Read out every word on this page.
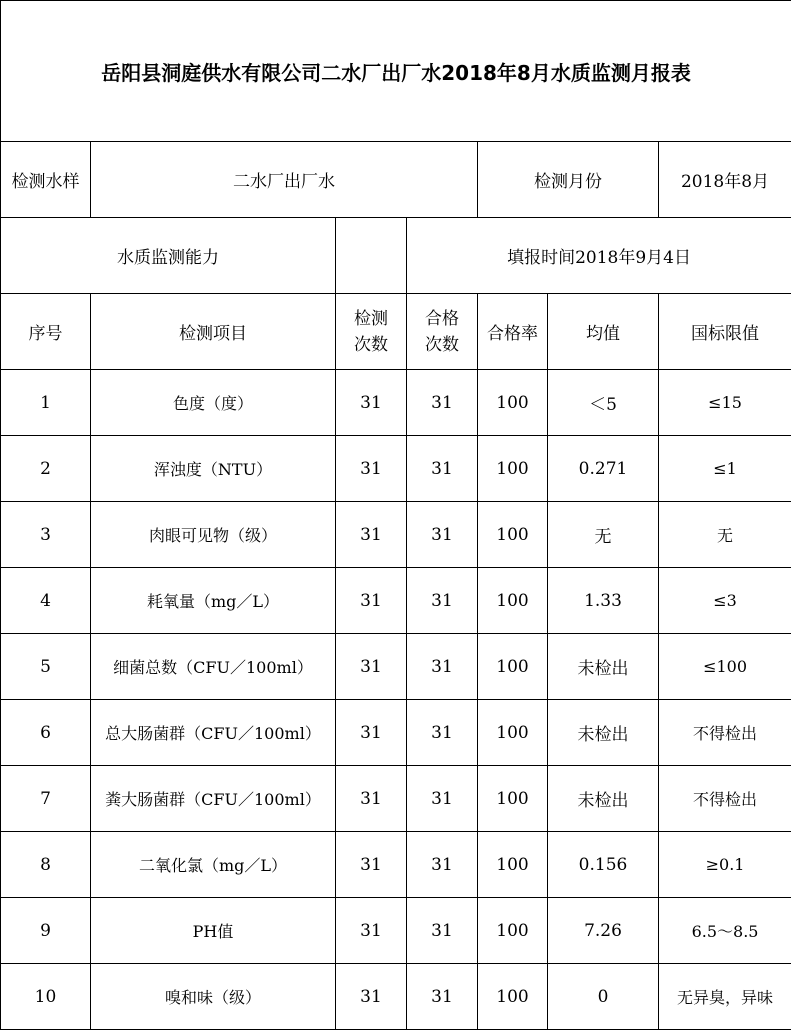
岳阳县洞庭供水有限公司二水厂出厂水2018年8月水质监测月报表						
检测水样	二水厂出厂水			检测月份		2018年8月
水质监测能力			填报时间2018年9月4日			
序号	检测项目	检测次数	合格次数	合格率	均值	国标限值
1	色度（度）	31	31	100	＜5	≤15
2	浑浊度（NTU）	31	31	100	0.271	≤1
3	肉眼可见物（级）	31	31	100	无	无
4	耗氧量（mg／L）	31	31	100	1.33	≤3
5	细菌总数（CFU／100ml）	31	31	100	未检出	≤100
6	总大肠菌群（CFU／100ml）	31	31	100	未检出	不得检出
7	粪大肠菌群（CFU／100ml）	31	31	100	未检出	不得检出
8	二氧化氯（mg／L）	31	31	100	0.156	≥0.1
9	PH值	31	31	100	7.26	6.5～8.5
10	嗅和味（级）	31	31	100	0	无异臭，异味
